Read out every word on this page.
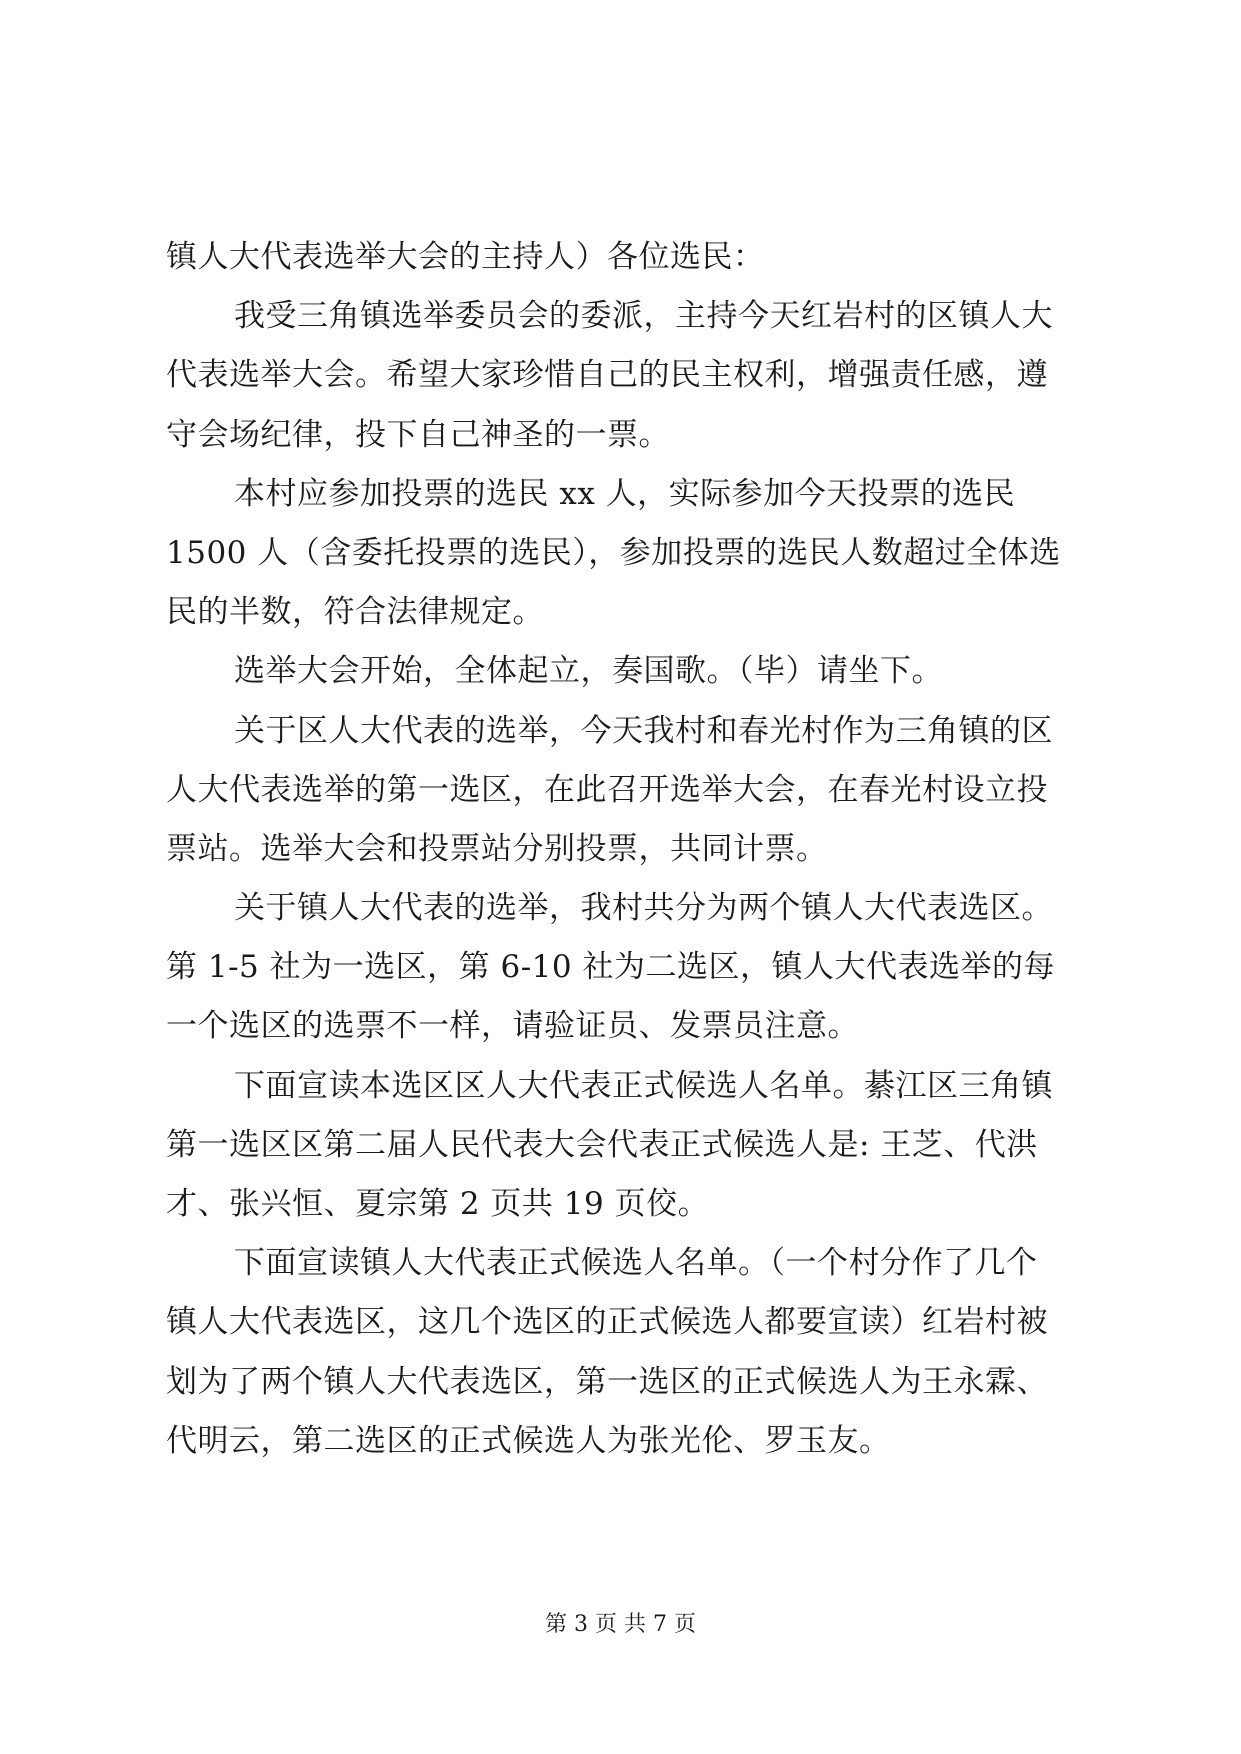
镇人大代表选举大会的主持人）各位选民：
我受三角镇选举委员会的委派，主持今天红岩村的区镇人大
代表选举大会。希望大家珍惜自己的民主权利，增强责任感，遵
守会场纪律，投下自己神圣的一票。
本村应参加投票的选民 xx 人，实际参加今天投票的选民
1500 人（含委托投票的选民），参加投票的选民人数超过全体选
民的半数，符合法律规定。
选举大会开始，全体起立，奏国歌。（毕）请坐下。
关于区人大代表的选举，今天我村和春光村作为三角镇的区
人大代表选举的第一选区，在此召开选举大会，在春光村设立投
票站。选举大会和投票站分别投票，共同计票。
关于镇人大代表的选举，我村共分为两个镇人大代表选区。
第 1-5 社为一选区，第 6-10 社为二选区，镇人大代表选举的每
一个选区的选票不一样，请验证员、发票员注意。
下面宣读本选区区人大代表正式候选人名单。綦江区三角镇
第一选区区第二届人民代表大会代表正式候选人是: 王芝、代洪
才、张兴恒、夏宗第 2 页共 19 页佼。
下面宣读镇人大代表正式候选人名单。（一个村分作了几个
镇人大代表选区，这几个选区的正式候选人都要宣读）红岩村被
划为了两个镇人大代表选区，第一选区的正式候选人为王永霖、
代明云，第二选区的正式候选人为张光伦、罗玉友。
第 3 页 共 7 页
